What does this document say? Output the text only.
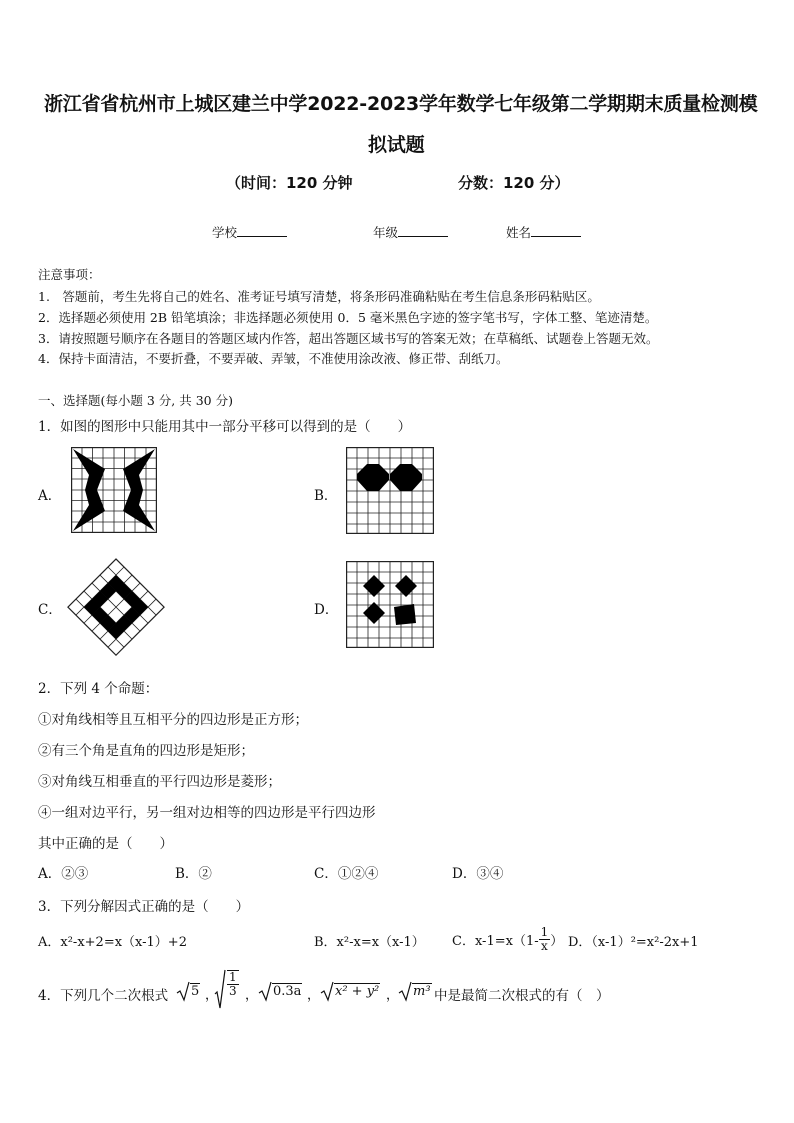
浙江省省杭州市上城区建兰中学2022-2023学年数学七年级第二学期期末质量检测模
拟试题
（时间：120 分钟	分数：120 分）
学校	年级	姓名
注意事项：
1.　答题前，考生先将自己的姓名、准考证号填写清楚，将条形码准确粘贴在考生信息条形码粘贴区。
2．选择题必须使用 2B 铅笔填涂；非选择题必须使用 0．5 毫米黑色字迹的签字笔书写，字体工整、笔迹清楚。
3．请按照题号顺序在各题目的答题区域内作答，超出答题区域书写的答案无效；在草稿纸、试题卷上答题无效。
4．保持卡面清洁，不要折叠，不要弄破、弄皱，不准使用涂改液、修正带、刮纸刀。
一、选择题(每小题 3 分, 共 30 分)
1．如图的图形中只能用其中一部分平移可以得到的是（　　）
A．	B．
C．	D．
2．下列 4 个命题：
①对角线相等且互相平分的四边形是正方形；
②有三个角是直角的四边形是矩形；
③对角线互相垂直的平行四边形是菱形；
④一组对边平行，另一组对边相等的四边形是平行四边形
其中正确的是（　　）
A．②③	B．②	C．①②④	D．③④
3．下列分解因式正确的是（　　）
A．x²-x+2=x（x-1）+2	B．x²-x=x（x-1） C．$x-1=x(1- \frac{1}{x}$ ） D．（x-1）²=x²-2x+1
4．下列几个二次根式 5 ， $\frac{1}{3}$ ， 0.3a ， x² + y² ， m³ 中是最简二次根式的有（　）
